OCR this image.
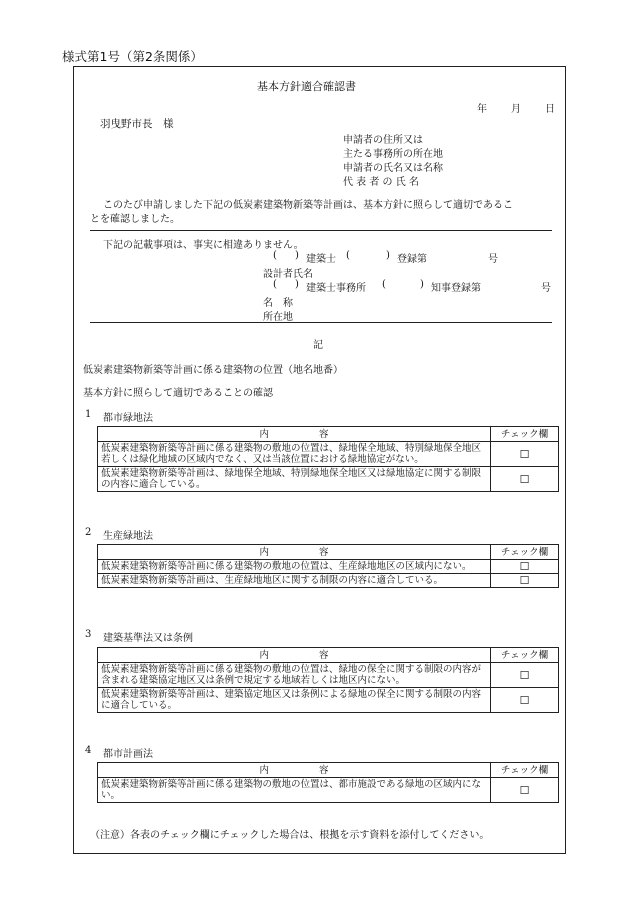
様式第1号（第2条関係）
基本方針適合確認書
年 月 日
羽曳野市長　様
申請者の住所又は
主たる事務所の所在地
申請者の氏名又は名称
代 表 者 の 氏 名
このたび申請しました下記の低炭素建築物新築等計画は、基本方針に照らして適切であるこ
とを確認しました。
下記の記載事項は、事実に相違ありません。
( ) 建築士 (	) 登録第	号
設計者氏名
( ) 建築士事務所 (	) 知事登録第	号
名　称
所在地
記
低炭素建築物新築等計画に係る建築物の位置（地名地番）
基本方針に照らして適切であることの確認
1 都市緑地法
内容	チェック欄
低炭素建築物新築等計画に係る建築物の敷地の位置は、緑地保全地域、特別緑地保全地区若しくは緑化地域の区域内でなく、又は当該位置における緑地協定がない。	☐
低炭素建築物新築等計画は、緑地保全地域、特別緑地保全地区又は緑地協定に関する制限の内容に適合している。	☐
2 生産緑地法
内容	チェック欄
低炭素建築物新築等計画に係る建築物の敷地の位置は、生産緑地地区の区域内にない。	☐
低炭素建築物新築等計画は、生産緑地地区に関する制限の内容に適合している。	☐
3 建築基準法又は条例
内容	チェック欄
低炭素建築物新築等計画に係る建築物の敷地の位置は、緑地の保全に関する制限の内容が含まれる建築協定地区又は条例で規定する地域若しくは地区内にない。	☐
低炭素建築物新築等計画は、建築協定地区又は条例による緑地の保全に関する制限の内容に適合している。	☐
4 都市計画法
内容	チェック欄
低炭素建築物新築等計画に係る建築物の敷地の位置は、都市施設である緑地の区域内にない。	☐
（注意）各表のチェック欄にチェックした場合は、根拠を示す資料を添付してください。
